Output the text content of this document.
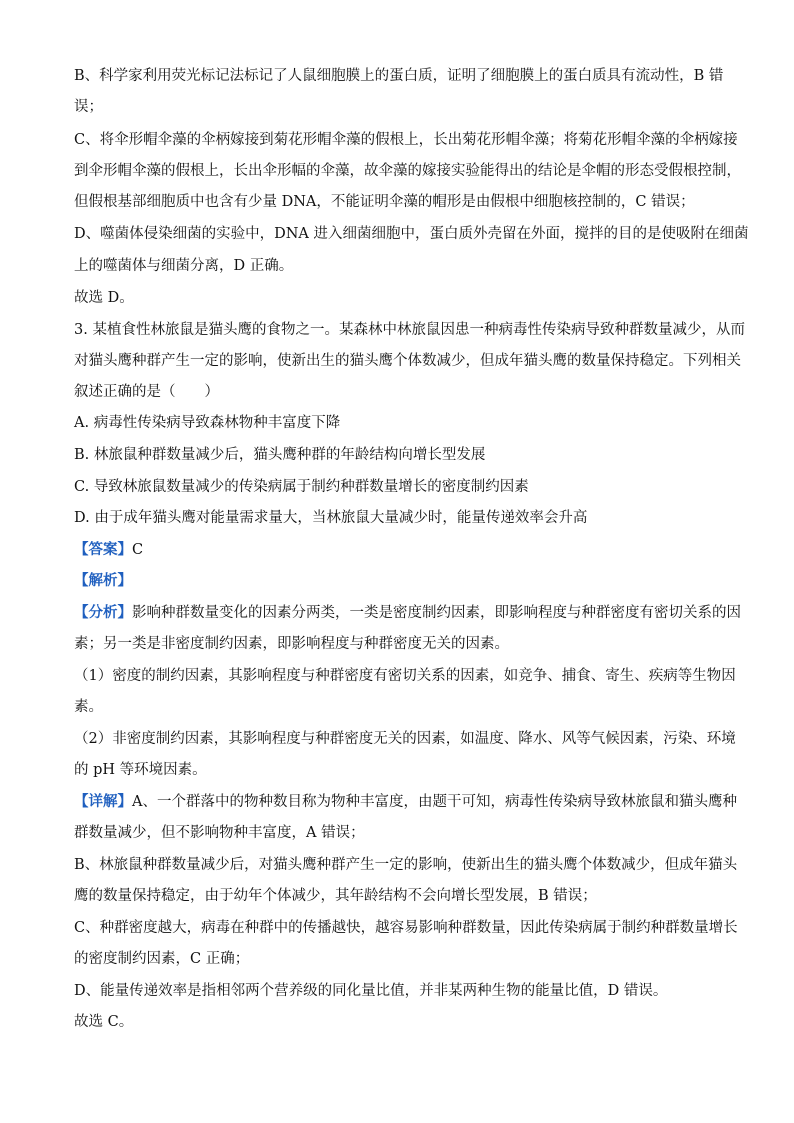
B、科学家利用荧光标记法标记了人鼠细胞膜上的蛋白质，证明了细胞膜上的蛋白质具有流动性，B 错
误；
C、将伞形帽伞藻的伞柄嫁接到菊花形帽伞藻的假根上，长出菊花形帽伞藻；将菊花形帽伞藻的伞柄嫁接
到伞形帽伞藻的假根上，长出伞形幅的伞藻，故伞藻的嫁接实验能得出的结论是伞帽的形态受假根控制，
但假根基部细胞质中也含有少量 DNA，不能证明伞藻的帽形是由假根中细胞核控制的，C 错误；
D、噬菌体侵染细菌的实验中，DNA 进入细菌细胞中，蛋白质外壳留在外面，搅拌的目的是使吸附在细菌
上的噬菌体与细菌分离，D 正确。
故选 D。
3. 某植食性林旅鼠是猫头鹰的食物之一。某森林中林旅鼠因患一种病毒性传染病导致种群数量减少，从而
对猫头鹰种群产生一定的影响，使新出生的猫头鹰个体数减少，但成年猫头鹰的数量保持稳定。下列相关
叙述正确的是（　　）
A. 病毒性传染病导致森林物种丰富度下降
B. 林旅鼠种群数量减少后，猫头鹰种群的年龄结构向增长型发展
C. 导致林旅鼠数量减少的传染病属于制约种群数量增长的密度制约因素
D. 由于成年猫头鹰对能量需求量大，当林旅鼠大量减少时，能量传递效率会升高
【答案】C
【解析】
【分析】影响种群数量变化的因素分两类，一类是密度制约因素，即影响程度与种群密度有密切关系的因
素；另一类是非密度制约因素，即影响程度与种群密度无关的因素。
（1）密度的制约因素，其影响程度与种群密度有密切关系的因素，如竞争、捕食、寄生、疾病等生物因
素。
（2）非密度制约因素，其影响程度与种群密度无关的因素，如温度、降水、风等气候因素，污染、环境
的 pH 等环境因素。
【详解】A、一个群落中的物种数目称为物种丰富度，由题干可知，病毒性传染病导致林旅鼠和猫头鹰种
群数量减少，但不影响物种丰富度，A 错误；
B、林旅鼠种群数量减少后，对猫头鹰种群产生一定的影响，使新出生的猫头鹰个体数减少，但成年猫头
鹰的数量保持稳定，由于幼年个体减少，其年龄结构不会向增长型发展，B 错误；
C、种群密度越大，病毒在种群中的传播越快，越容易影响种群数量，因此传染病属于制约种群数量增长
的密度制约因素，C 正确；
D、能量传递效率是指相邻两个营养级的同化量比值，并非某两种生物的能量比值，D 错误。
故选 C。
